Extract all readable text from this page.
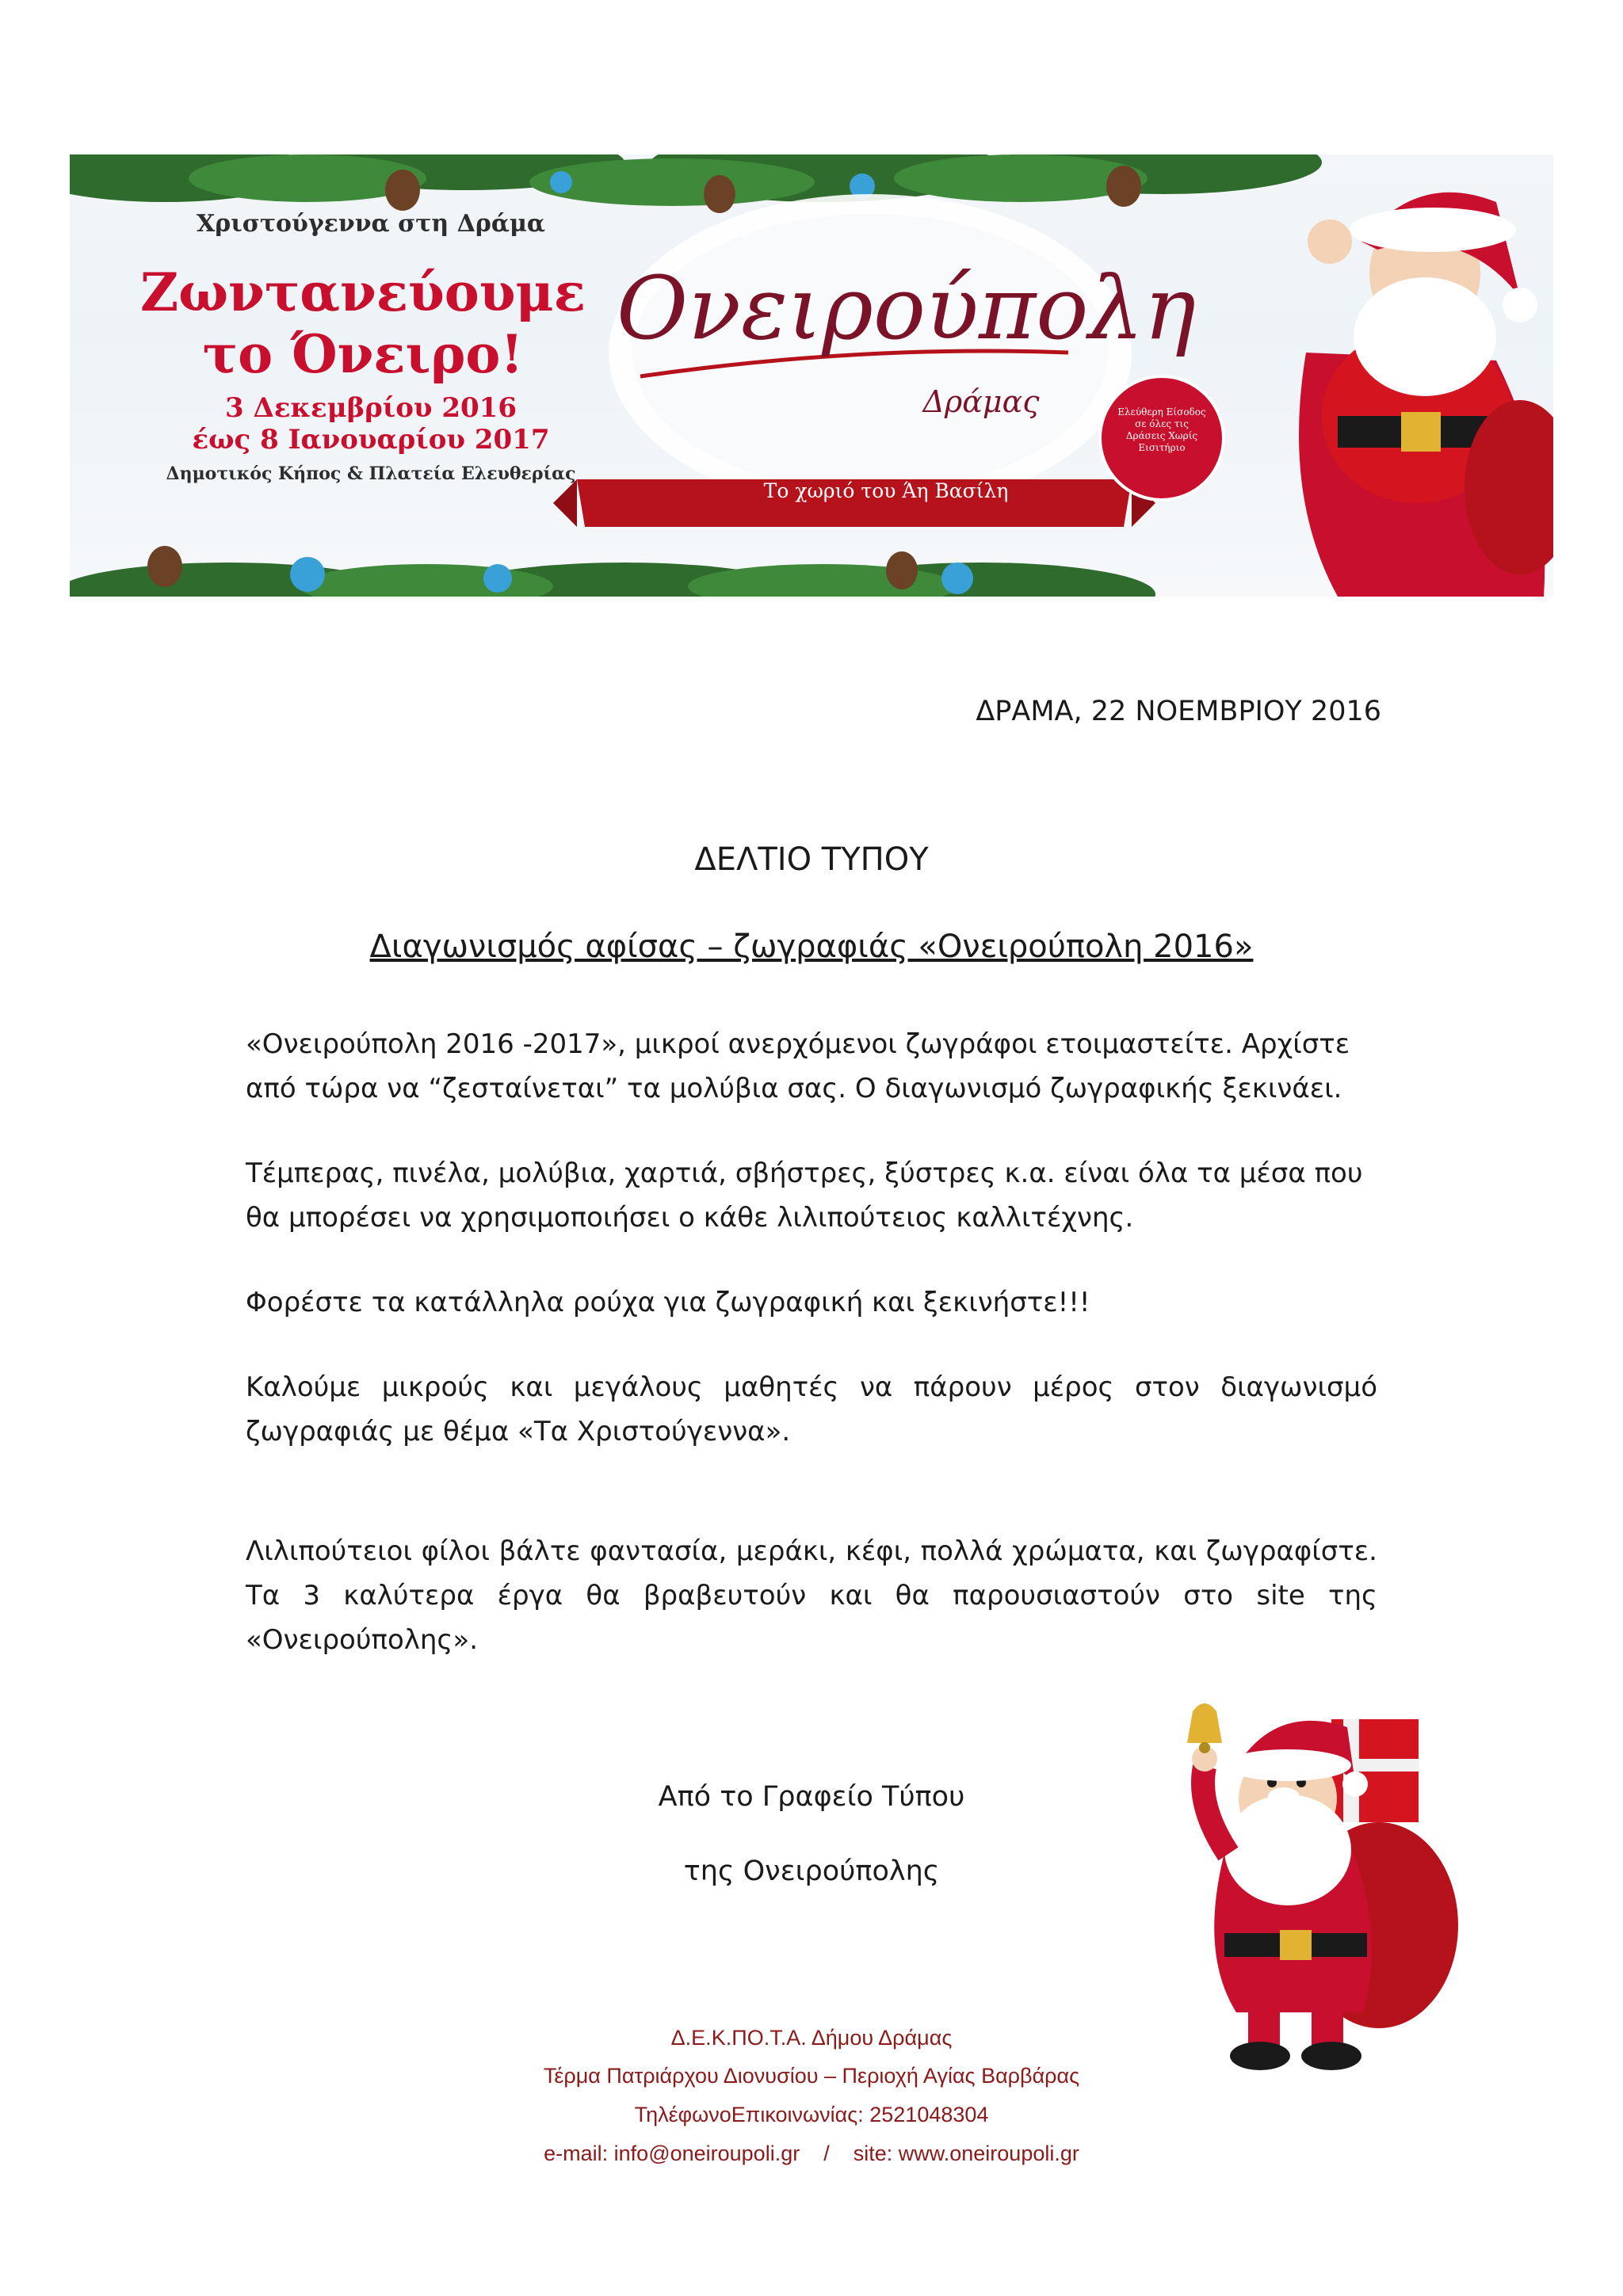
Χριστούγεννα στη Δράμα
Ζωντανεύουμε
το Όνειρο!
3 Δεκεμβρίου 2016
έως 8 Ιανουαρίου 2017
Δημοτικός Κήπος & Πλατεία Ελευθερίας
Ονειρούπολη
Δράμας
Το χωριό του Άη Βασίλη
Ελεύθερη Είσοδος σε όλες τις Δράσεις Χωρίς Εισιτήριο
ΔΡΑΜΑ, 22 ΝΟΕΜΒΡΙΟΥ 2016
ΔΕΛΤΙΟ ΤΥΠΟΥ
Διαγωνισμός αφίσας – ζωγραφιάς «Ονειρούπολη 2016»
«Ονειρούπολη 2016 -2017», μικροί ανερχόμενοι ζωγράφοι ετοιμαστείτε. Αρχίστε από τώρα να “ζεσταίνεται” τα μολύβια σας. Ο διαγωνισμό ζωγραφικής ξεκινάει.
Τέμπερας, πινέλα, μολύβια, χαρτιά, σβήστρες, ξύστρες κ.α. είναι όλα τα μέσα που θα μπορέσει να χρησιμοποιήσει ο κάθε λιλιπούτειος καλλιτέχνης.
Φορέστε τα κατάλληλα ρούχα για ζωγραφική και ξεκινήστε!!!
Καλούμε μικρούς και μεγάλους μαθητές να πάρουν μέρος στον διαγωνισμό ζωγραφιάς με θέμα «Τα Χριστούγεννα».
Λιλιπούτειοι φίλοι βάλτε φαντασία, μεράκι, κέφι, πολλά χρώματα, και ζωγραφίστε. Τα 3 καλύτερα έργα θα βραβευτούν και θα παρουσιαστούν στο site της «Ονειρούπολης».
Από το Γραφείο Τύπου
της Ονειρούπολης
Δ.Ε.Κ.ΠΟ.Τ.Α. Δήμου Δράμας
Τέρμα Πατριάρχου Διονυσίου – Περιοχή Αγίας Βαρβάρας
ΤηλέφωνοΕπικοινωνίας: 2521048304
e-mail: info@oneiroupoli.gr    /    site: www.oneiroupoli.gr
